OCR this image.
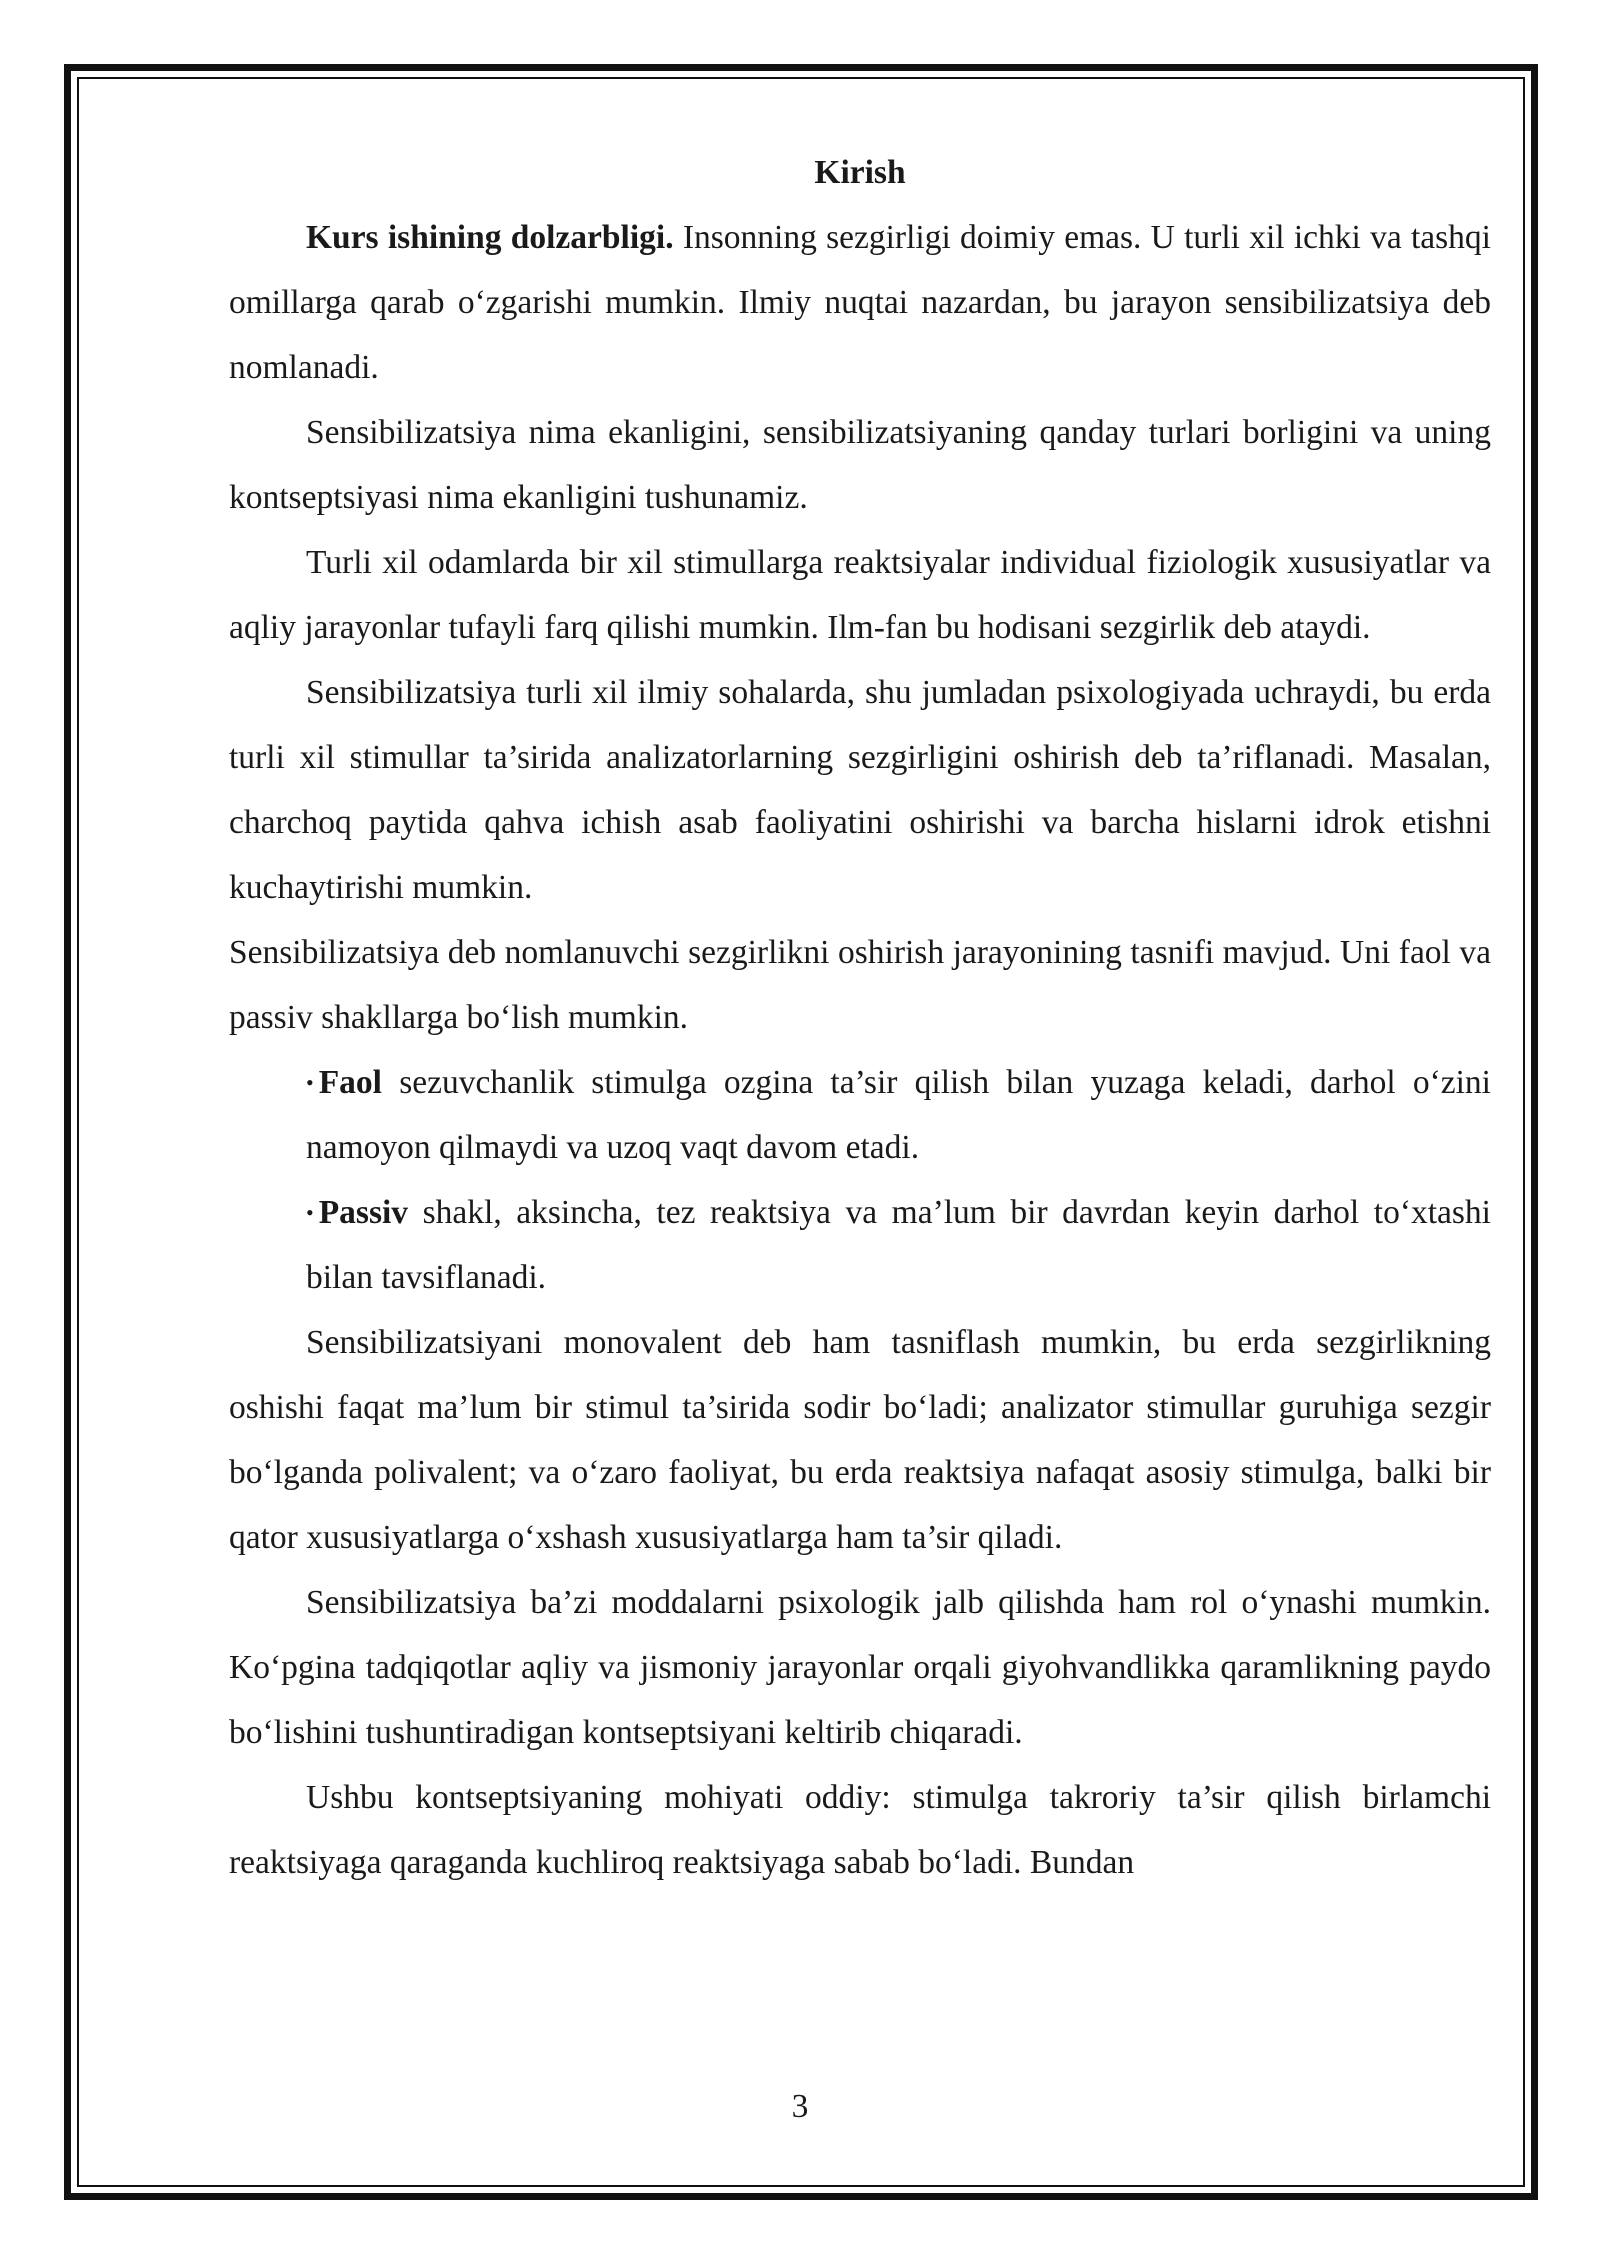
Kirish

Kurs ishining dolzarbligi. Insonning sezgirligi doimiy emas. U turli xil ichki va tashqi omillarga qarab o‘zgarishi mumkin. Ilmiy nuqtai nazardan, bu jarayon sensibilizatsiya deb nomlanadi.

Sensibilizatsiya nima ekanligini, sensibilizatsiyaning qanday turlari borligini va uning kontseptsiyasi nima ekanligini tushunamiz.

Turli xil odamlarda bir xil stimullarga reaktsiyalar individual fiziologik xususiyatlar va aqliy jarayonlar tufayli farq qilishi mumkin. Ilm-fan bu hodisani sezgirlik deb ataydi.

Sensibilizatsiya turli xil ilmiy sohalarda, shu jumladan psixologiyada uchraydi, bu erda turli xil stimullar ta’sirida analizatorlarning sezgirligini oshirish deb ta’riflanadi. Masalan, charchoq paytida qahva ichish asab faoliyatini oshirishi va barcha hislarni idrok etishni kuchaytirishi mumkin.

Sensibilizatsiya deb nomlanuvchi sezgirlikni oshirish jarayonining tasnifi mavjud. Uni faol va passiv shakllarga bo‘lish mumkin.

• Faol sezuvchanlik stimulga ozgina ta’sir qilish bilan yuzaga keladi, darhol o‘zini namoyon qilmaydi va uzoq vaqt davom etadi.

• Passiv shakl, aksincha, tez reaktsiya va ma’lum bir davrdan keyin darhol to‘xtashi bilan tavsiflanadi.

Sensibilizatsiyani monovalent deb ham tasniflash mumkin, bu erda sezgirlikning oshishi faqat ma’lum bir stimul ta’sirida sodir bo‘ladi; analizator stimullar guruhiga sezgir bo‘lganda polivalent; va o‘zaro faoliyat, bu erda reaktsiya nafaqat asosiy stimulga, balki bir qator xususiyatlarga o‘xshash xususiyatlarga ham ta’sir qiladi.

Sensibilizatsiya ba’zi moddalarni psixologik jalb qilishda ham rol o‘ynashi mumkin. Ko‘pgina tadqiqotlar aqliy va jismoniy jarayonlar orqali giyohvandlikka qaramlikning paydo bo‘lishini tushuntiradigan kontseptsiyani keltirib chiqaradi.

Ushbu kontseptsiyaning mohiyati oddiy: stimulga takroriy ta’sir qilish birlamchi reaktsiyaga qaraganda kuchliroq reaktsiyaga sabab bo‘ladi. Bundan

3
